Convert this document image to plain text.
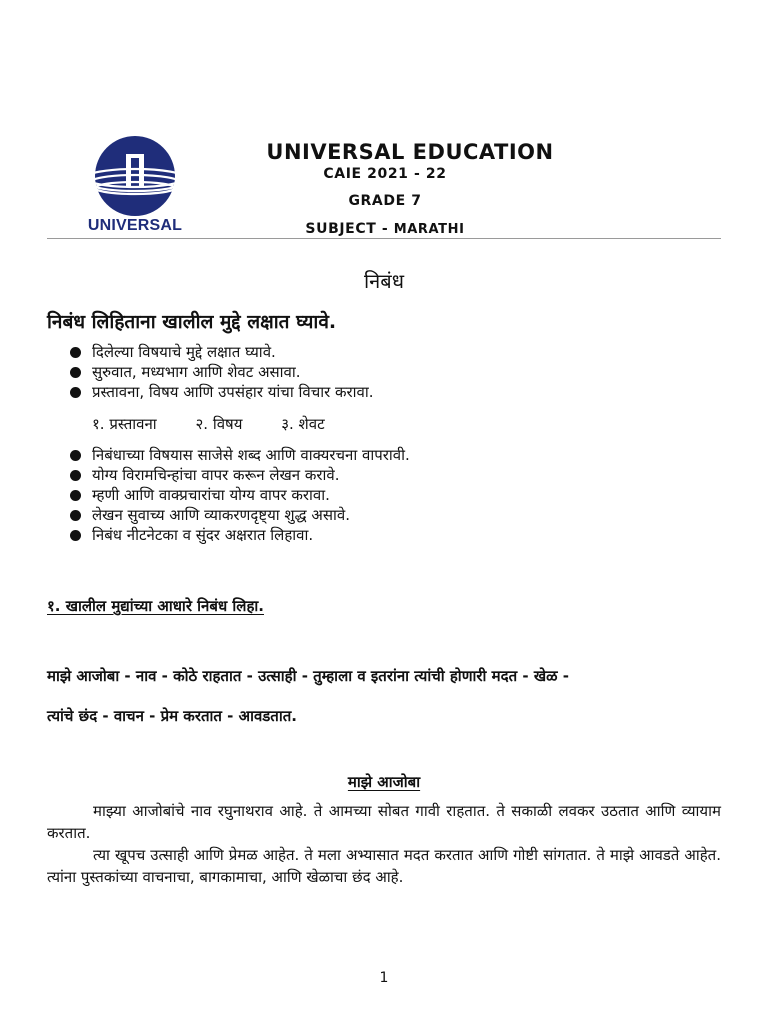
UNIVERSAL
UNIVERSAL EDUCATION
CAIE 2021 - 22
GRADE 7
SUBJECT - MARATHI
निबंध
निबंध लिहिताना खालील मुद्दे लक्षात घ्यावे.
दिलेल्या विषयाचे मुद्दे लक्षात घ्यावे.
सुरुवात, मध्यभाग आणि शेवट असावा.
प्रस्तावना, विषय आणि उपसंहार यांचा विचार करावा.
१. प्रस्तावना	२. विषय	३. शेवट
निबंधाच्या विषयास साजेसे शब्द आणि वाक्यरचना वापरावी.
योग्य विरामचिन्हांचा वापर करून लेखन करावे.
म्हणी आणि वाक्प्रचारांचा योग्य वापर करावा.
लेखन सुवाच्य आणि व्याकरणदृष्ट्या शुद्ध असावे.
निबंध नीटनेटका व सुंदर अक्षरात लिहावा.
१. खालील मुद्यांच्या आधारे निबंध लिहा.
माझे आजोबा - नाव - कोठे राहतात - उत्साही - तुम्हाला व इतरांना त्यांची होणारी मदत - खेळ -
त्यांचे छंद - वाचन - प्रेम करतात - आवडतात.
माझे आजोबा

माझ्या आजोबांचे नाव रघुनाथराव आहे. ते आमच्या सोबत गावी राहतात. ते सकाळी लवकर उठतात आणि व्यायाम करतात.

त्या खूपच उत्साही आणि प्रेमळ आहेत. ते मला अभ्यासात मदत करतात आणि गोष्टी सांगतात. ते माझे आवडते आहेत. त्यांना पुस्तकांच्या वाचनाचा, बागकामाचा, आणि खेळाचा छंद आहे.

1
